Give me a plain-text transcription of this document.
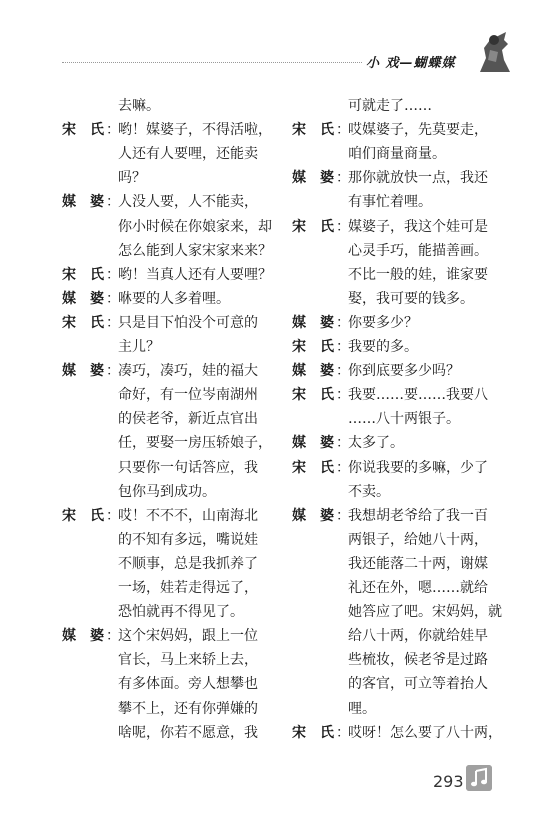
小 戏—蝴蝶媒
去嘛。
宋 氏 ：
哟！媒婆子，不得活啦，
人还有人要哩，还能卖
吗？
媒 婆 ：
人没人要，人不能卖，
你小时候在你娘家来，却
怎么能到人家宋家来来？
宋 氏 ：
哟！当真人还有人要哩？
媒 婆 ：
咻要的人多着哩。
宋 氏 ：
只是目下怕没个可意的
主儿？
媒 婆 ：
凑巧，凑巧，娃的福大
命好，有一位岑南湖州
的侯老爷，新近点官出
任，要娶一房压轿娘子，
只要你一句话答应，我
包你马到成功。
宋 氏 ：
哎！不不不，山南海北
的不知有多远，嘴说娃
不顺事，总是我抓养了
一场，娃若走得远了，
恐怕就再不得见了。
媒 婆 ：
这个宋妈妈，跟上一位
官长，马上来轿上去，
有多体面。旁人想攀也
攀不上，还有你弹嫌的
啥呢，你若不愿意，我
可就走了……
宋 氏 ：
哎媒婆子，先莫要走，
咱们商量商量。
媒 婆 ：
那你就放快一点，我还
有事忙着哩。
宋 氏 ：
媒婆子，我这个娃可是
心灵手巧，能描善画。
不比一般的娃，谁家要
娶，我可要的钱多。
媒 婆 ：
你要多少？
宋 氏 ：
我要的多。
媒 婆 ：
你到底要多少吗？
宋 氏 ：
我要……要……我要八
……八十两银子。
媒 婆 ：
太多了。
宋 氏 ：
你说我要的多嘛，少了
不卖。
媒 婆 ：
我想胡老爷给了我一百
两银子，给她八十两，
我还能落二十两，谢媒
礼还在外，嗯……就给
她答应了吧。宋妈妈，就
给八十两，你就给娃早
些梳妆，候老爷是过路
的客官，可立等着抬人
哩。
宋 氏 ：
哎呀！怎么要了八十两，
293
